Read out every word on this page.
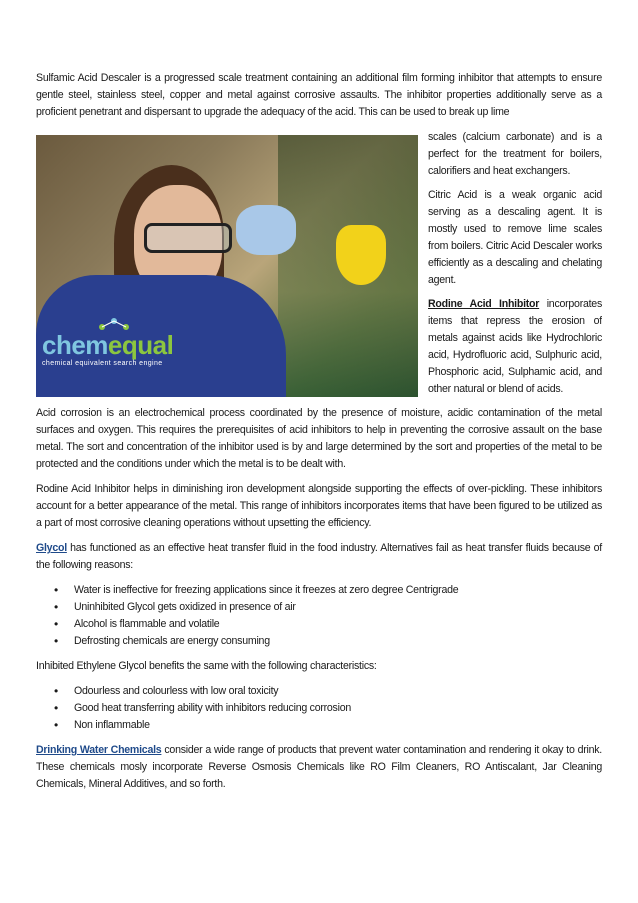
Sulfamic Acid Descaler is a progressed scale treatment containing an additional film forming inhibitor that attempts to ensure gentle steel, stainless steel, copper and metal against corrosive assaults. The inhibitor properties additionally serve as a proficient penetrant and dispersant to upgrade the adequacy of the acid. This can be used to break up lime

chemequal
chemical equivalent search engine

scales (calcium carbonate) and is a perfect for the treatment for boilers, calorifiers and heat exchangers.

Citric Acid is a weak organic acid serving as a descaling agent. It is mostly used to remove lime scales from boilers. Citric Acid Descaler works efficiently as a descaling and chelating agent.

Rodine Acid Inhibitor incorporates items that repress the erosion of metals against acids like Hydrochloric acid, Hydrofluoric acid, Sulphuric acid, Phosphoric acid, Sulphamic acid, and other natural or blend of acids.

Acid corrosion is an electrochemical process coordinated by the presence of moisture, acidic contamination of the metal surfaces and oxygen. This requires the prerequisites of acid inhibitors to help in preventing the corrosive assault on the base metal. The sort and concentration of the inhibitor used is by and large determined by the sort and properties of the metal to be protected and the conditions under which the metal is to be dealt with.

Rodine Acid Inhibitor helps in diminishing iron development alongside supporting the effects of over-pickling. These inhibitors account for a better appearance of the metal. This range of inhibitors incorporates items that have been figured to be utilized as a part of most corrosive cleaning operations without upsetting the efficiency.

Glycol has functioned as an effective heat transfer fluid in the food industry. Alternatives fail as heat transfer fluids because of the following reasons:

• Water is ineffective for freezing applications since it freezes at zero degree Centrigrade
• Uninhibited Glycol gets oxidized in presence of air
• Alcohol is flammable and volatile
• Defrosting chemicals are energy consuming

Inhibited Ethylene Glycol benefits the same with the following characteristics:

• Odourless and colourless with low oral toxicity
• Good heat transferring ability with inhibitors reducing corrosion
• Non inflammable

Drinking Water Chemicals consider a wide range of products that prevent water contamination and rendering it okay to drink. These chemicals mosly incorporate Reverse Osmosis Chemicals like RO Film Cleaners, RO Antiscalant, Jar Cleaning Chemicals, Mineral Additives, and so forth.
